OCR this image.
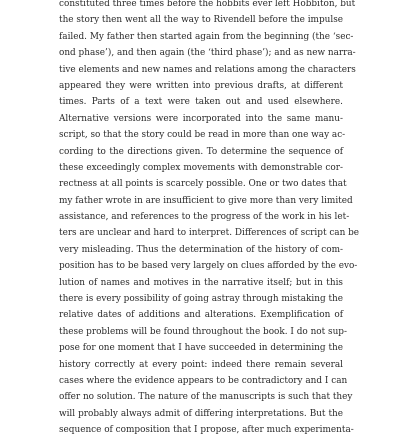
constituted three times before the hobbits ever left Hobbiton, but
the story then went all the way to Rivendell before the impulse
failed. My father then started again from the beginning (the ‘sec-
ond phase’), and then again (the ‘third phase’); and as new narra-
tive elements and new names and relations among the characters
appeared they were written into previous drafts, at different
times. Parts of a text were taken out and used elsewhere.
Alternative versions were incorporated into the same manu-
script, so that the story could be read in more than one way ac-
cording to the directions given. To determine the sequence of
these exceedingly complex movements with demonstrable cor-
rectness at all points is scarcely possible. One or two dates that
my father wrote in are insufficient to give more than very limited
assistance, and references to the progress of the work in his let-
ters are unclear and hard to interpret. Differences of script can be
very misleading. Thus the determination of the history of com-
position has to be based very largely on clues afforded by the evo-
lution of names and motives in the narrative itself; but in this
there is every possibility of going astray through mistaking the
relative dates of additions and alterations. Exemplification of
these problems will be found throughout the book. I do not sup-
pose for one moment that I have succeeded in determining the
history correctly at every point: indeed there remain several
cases where the evidence appears to be contradictory and I can
offer no solution. The nature of the manuscripts is such that they
will probably always admit of differing interpretations. But the
sequence of composition that I propose, after much experimenta-
